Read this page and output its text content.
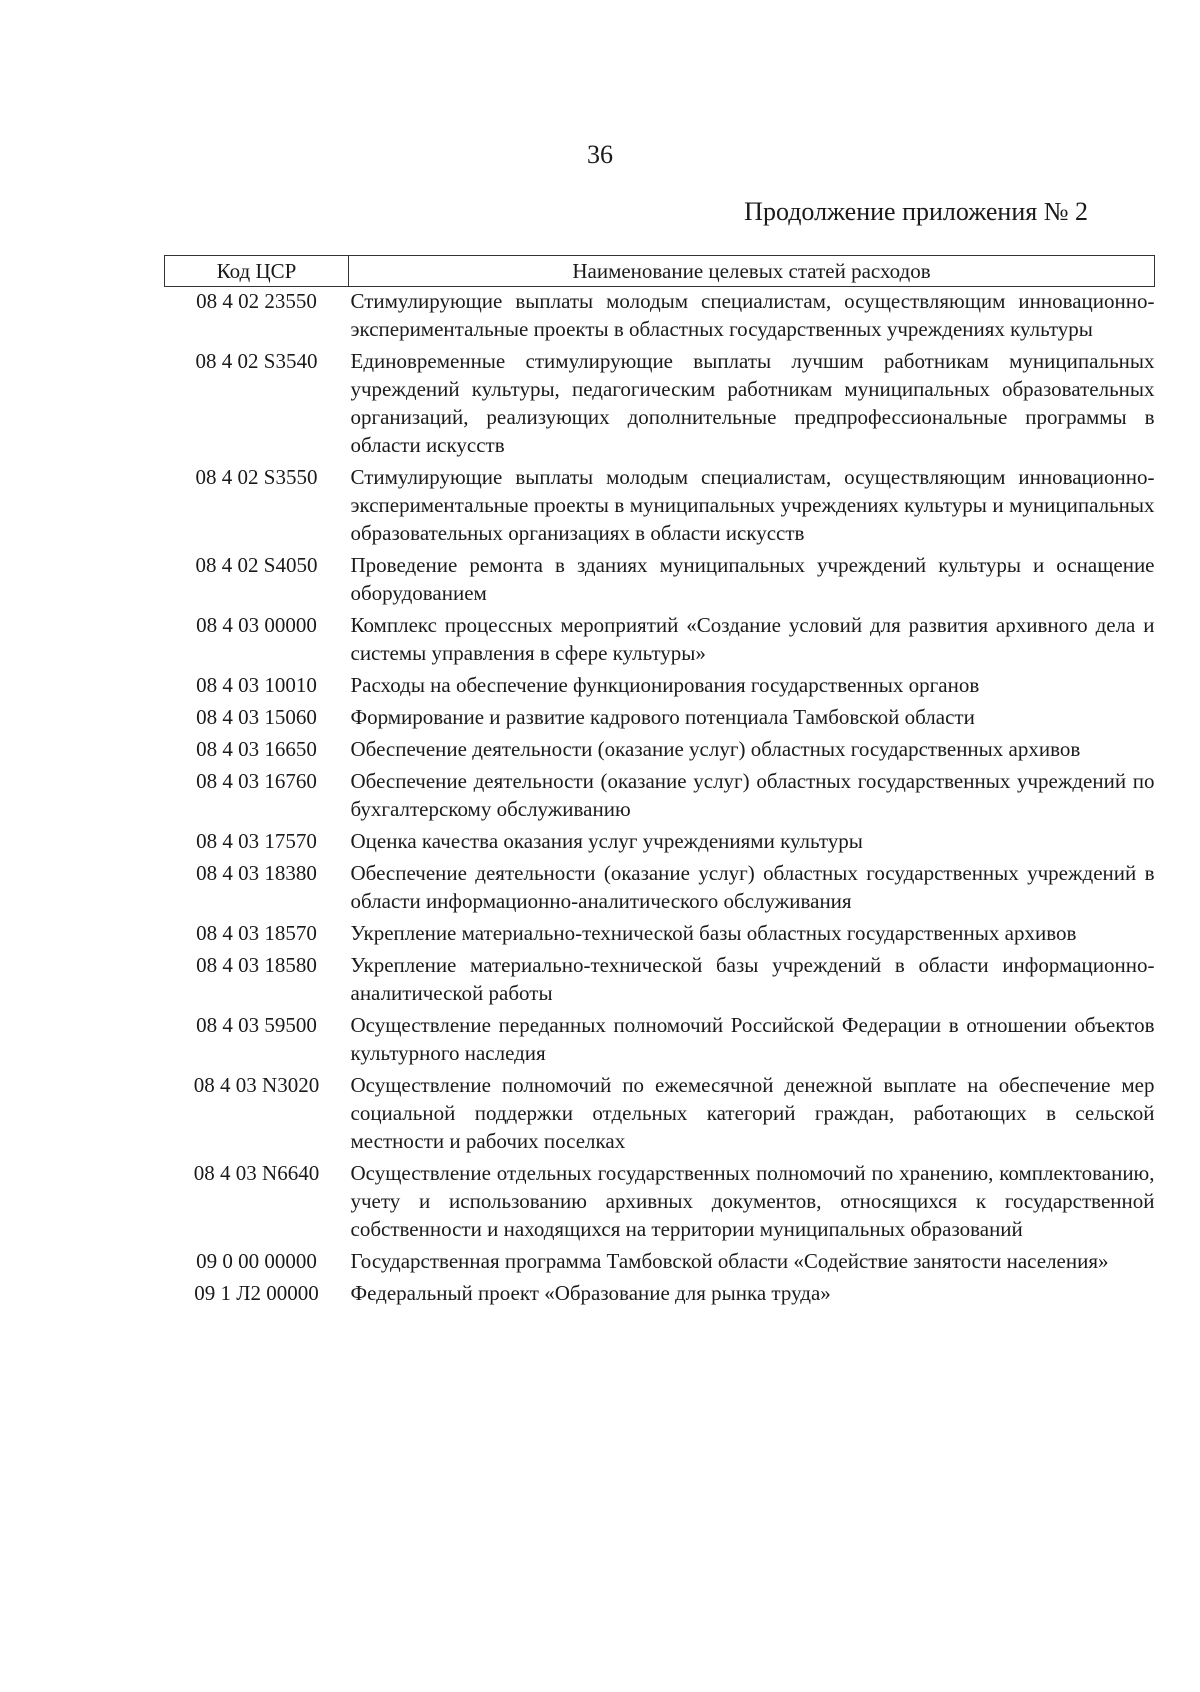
36
Продолжение приложения № 2
Код ЦСР	Наименование целевых статей расходов
08 4 02 23550	Стимулирующие выплаты молодым специалистам, осуществляющим инновационно-экспериментальные проекты в областных государственных учреждениях культуры
08 4 02 S3540	Единовременные стимулирующие выплаты лучшим работникам муниципальных учреждений культуры, педагогическим работникам муниципальных образовательных организаций, реализующих дополнительные предпрофессиональные программы в области искусств
08 4 02 S3550	Стимулирующие выплаты молодым специалистам, осуществляющим инновационно-экспериментальные проекты в муниципальных учреждениях культуры и муниципальных образовательных организациях в области искусств
08 4 02 S4050	Проведение ремонта в зданиях муниципальных учреждений культуры и оснащение оборудованием
08 4 03 00000	Комплекс процессных мероприятий «Создание условий для развития архивного дела и системы управления в сфере культуры»
08 4 03 10010	Расходы на обеспечение функционирования государственных органов
08 4 03 15060	Формирование и развитие кадрового потенциала Тамбовской области
08 4 03 16650	Обеспечение деятельности (оказание услуг) областных государственных архивов
08 4 03 16760	Обеспечение деятельности (оказание услуг) областных государственных учреждений по бухгалтерскому обслуживанию
08 4 03 17570	Оценка качества оказания услуг учреждениями культуры
08 4 03 18380	Обеспечение деятельности (оказание услуг) областных государственных учреждений в области информационно-аналитического обслуживания
08 4 03 18570	Укрепление материально-технической базы областных государственных архивов
08 4 03 18580	Укрепление материально-технической базы учреждений в области информационно-аналитической работы
08 4 03 59500	Осуществление переданных полномочий Российской Федерации в отношении объектов культурного наследия
08 4 03 N3020	Осуществление полномочий по ежемесячной денежной выплате на обеспечение мер социальной поддержки отдельных категорий граждан, работающих в сельской местности и рабочих поселках
08 4 03 N6640	Осуществление отдельных государственных полномочий по хранению, комплектованию, учету и использованию архивных документов, относящихся к государственной собственности и находящихся на территории муниципальных образований
09 0 00 00000	Государственная программа Тамбовской области «Содействие занятости населения»
09 1 Л2 00000	Федеральный проект «Образование для рынка труда»
